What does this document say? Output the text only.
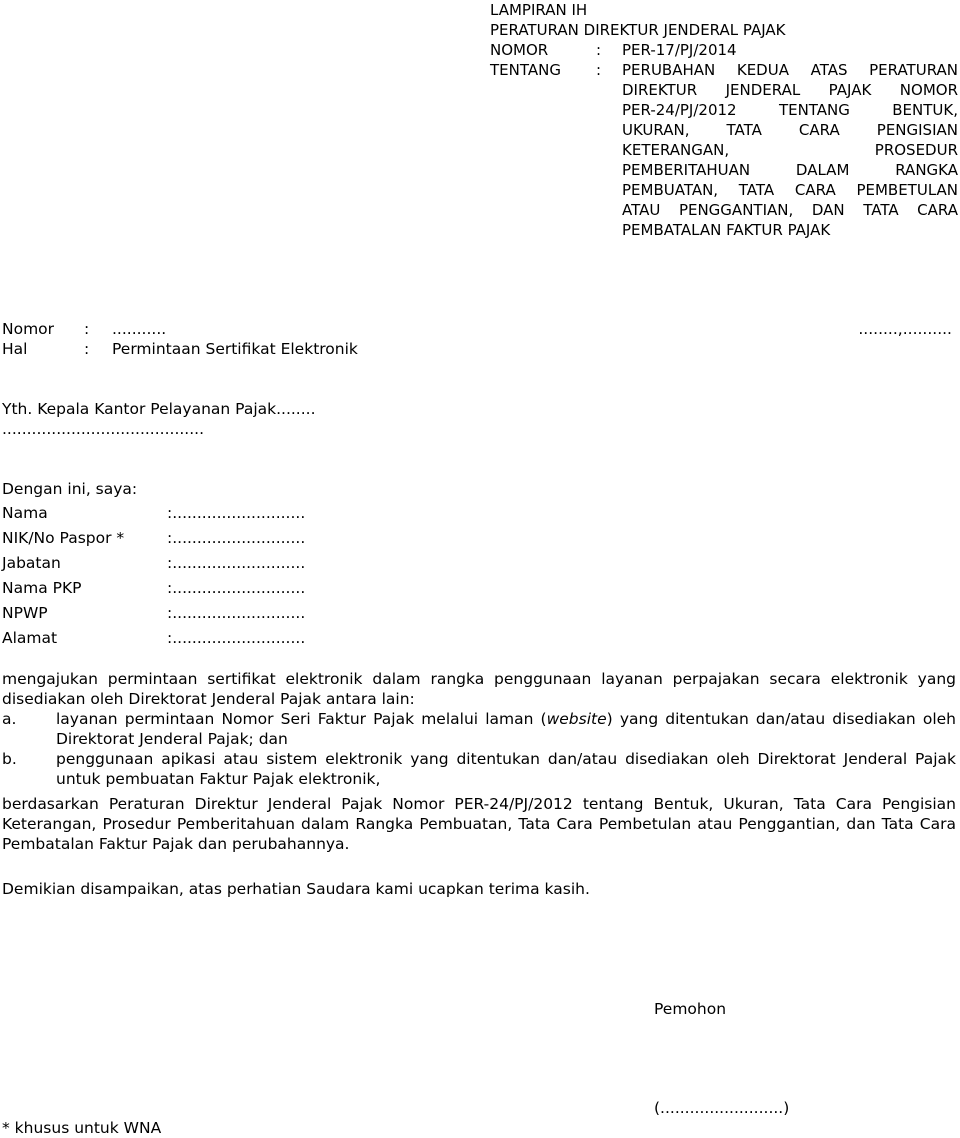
LAMPIRAN IH
PERATURAN DIREKTUR JENDERAL PAJAK
NOMOR	:	PER-17/PJ/2014
TENTANG	:	PERUBAHAN KEDUA ATAS PERATURAN
DIREKTUR JENDERAL PAJAK NOMOR
PER-24/PJ/2012 TENTANG BENTUK,
UKURAN, TATA CARA PENGISIAN
KETERANGAN, PROSEDUR
PEMBERITAHUAN DALAM RANGKA
PEMBUATAN, TATA CARA PEMBETULAN
ATAU PENGGANTIAN, DAN TATA CARA
PEMBATALAN FAKTUR PAJAK
Nomor : ...........	........,..........
Hal	: Permintaan Sertifikat Elektronik
Yth. Kepala Kantor Pelayanan Pajak........
.........................................
Dengan ini, saya:
Nama	:...........................
NIK/No Paspor *	:...........................
Jabatan	:...........................
Nama PKP	:...........................
NPWP	:...........................
Alamat	:...........................
mengajukan permintaan sertifikat elektronik dalam rangka penggunaan layanan perpajakan secara elektronik yang disediakan oleh Direktorat Jenderal Pajak antara lain:
a.	layanan permintaan Nomor Seri Faktur Pajak melalui laman (website) yang ditentukan dan/atau disediakan oleh Direktorat Jenderal Pajak; dan
b.	penggunaan apikasi atau sistem elektronik yang ditentukan dan/atau disediakan oleh Direktorat Jenderal Pajak untuk pembuatan Faktur Pajak elektronik,
berdasarkan Peraturan Direktur Jenderal Pajak Nomor PER-24/PJ/2012 tentang Bentuk, Ukuran, Tata Cara Pengisian Keterangan, Prosedur Pemberitahuan dalam Rangka Pembuatan, Tata Cara Pembetulan atau Penggantian, dan Tata Cara Pembatalan Faktur Pajak dan perubahannya.
Demikian disampaikan, atas perhatian Saudara kami ucapkan terima kasih.
Pemohon
(.........................)
* khusus untuk WNA
